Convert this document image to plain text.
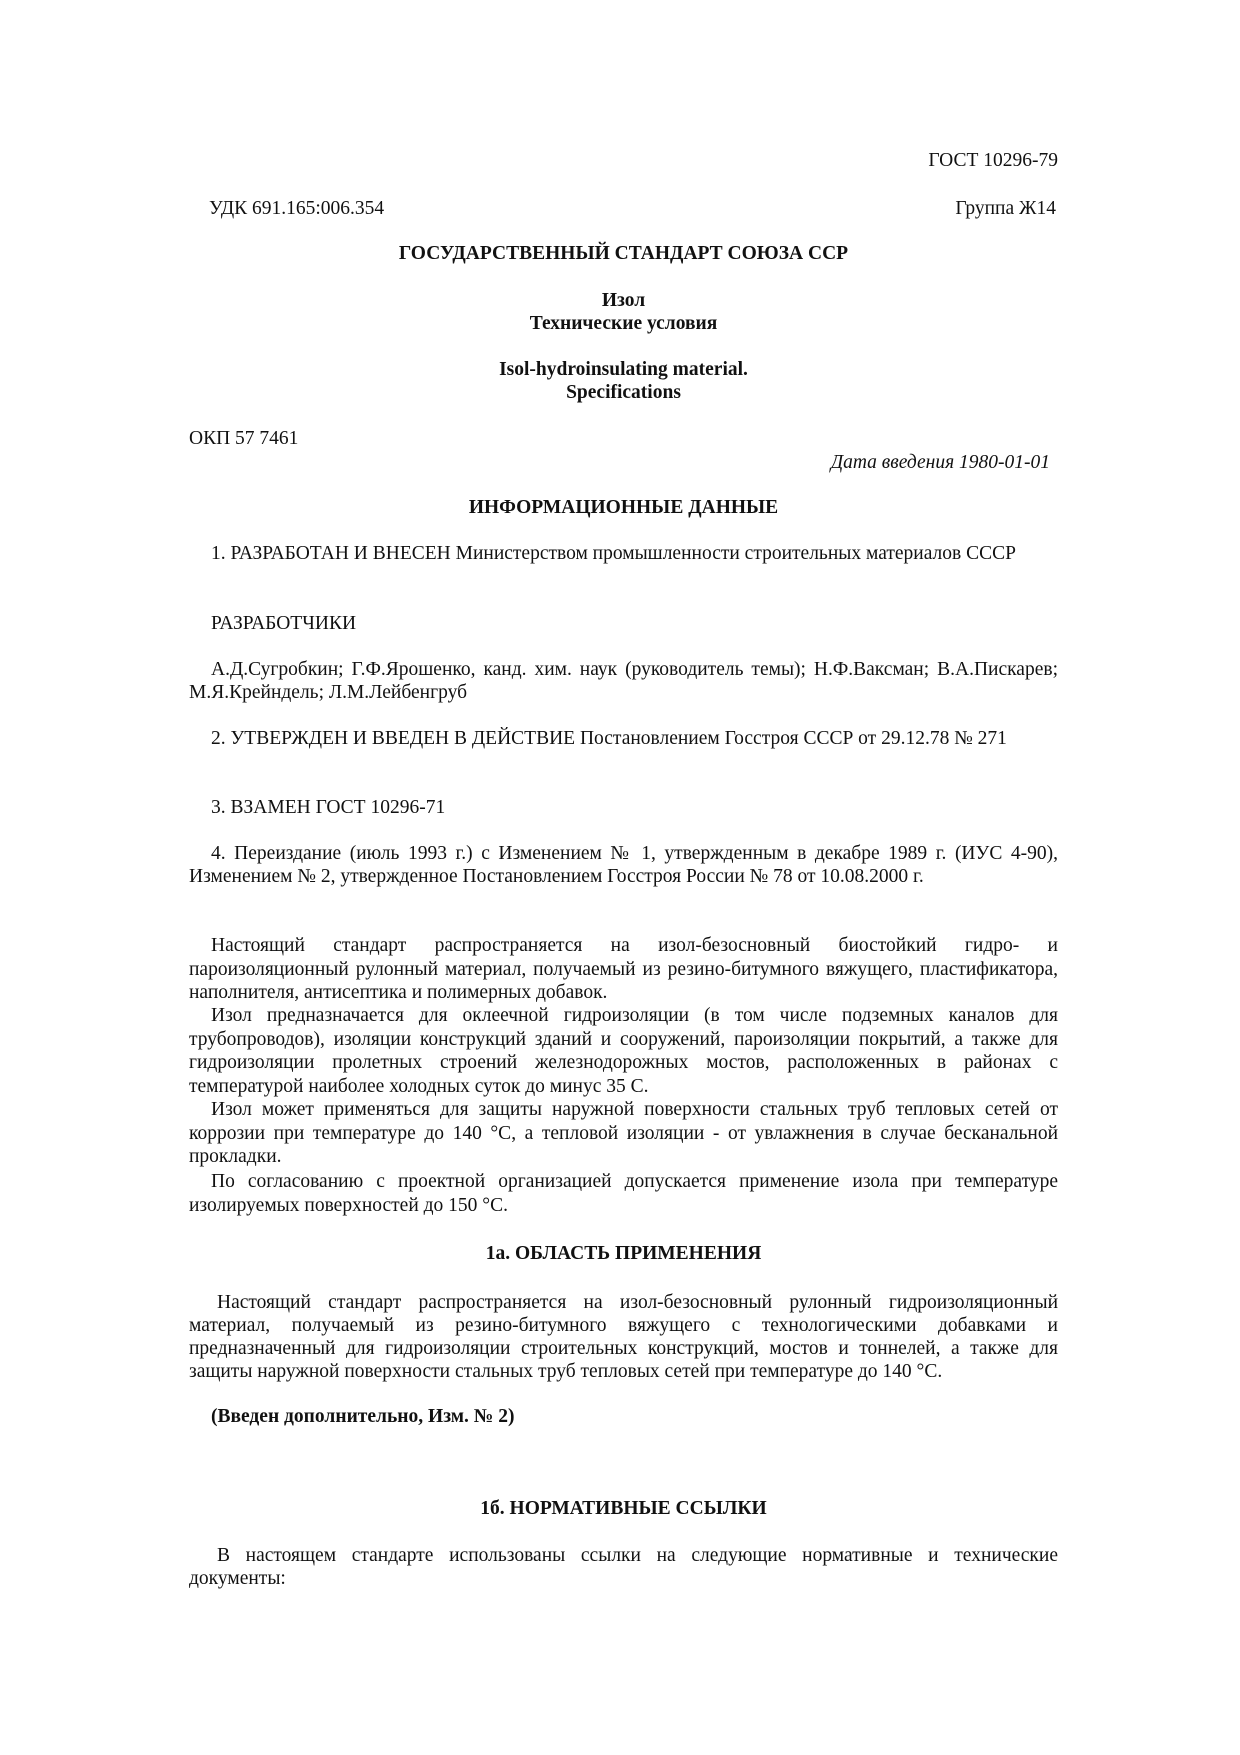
ГОСТ 10296-79
УДК 691.165:006.354	Группа Ж14
ГОСУДАРСТВЕННЫЙ СТАНДАРТ СОЮЗА ССР
Изол
Технические условия
Isol-hydroinsulating material.
Specifications
ОКП 57 7461
Дата введения 1980-01-01
ИНФОРМАЦИОННЫЕ ДАННЫЕ
1. РАЗРАБОТАН И ВНЕСЕН Министерством промышленности строительных материалов СССР
РАЗРАБОТЧИКИ
А.Д.Сугробкин; Г.Ф.Ярошенко, канд. хим. наук (руководитель темы); Н.Ф.Ваксман; В.А.Пискарев; М.Я.Крейндель; Л.М.Лейбенгруб
2. УТВЕРЖДЕН И ВВЕДЕН В ДЕЙСТВИЕ Постановлением Госстроя СССР от 29.12.78 № 271
3. ВЗАМЕН ГОСТ 10296-71
4. Переиздание (июль 1993 г.) с Изменением № 1, утвержденным в декабре 1989 г. (ИУС 4-90), Изменением № 2, утвержденное Постановлением Госстроя России № 78 от 10.08.2000 г.
Настоящий стандарт распространяется на изол-безосновный биостойкий гидро- и пароизоляционный рулонный материал, получаемый из резино-битумного вяжущего, пластификатора, наполнителя, антисептика и полимерных добавок.
Изол предназначается для оклеечной гидроизоляции (в том числе подземных каналов для трубопроводов), изоляции конструкций зданий и сооружений, пароизоляции покрытий, а также для гидроизоляции пролетных строений железнодорожных мостов, расположенных в районах с температурой наиболее холодных суток до минус 35 С.
Изол может применяться для защиты наружной поверхности стальных труб тепловых сетей от коррозии при температуре до 140 °С, а тепловой изоляции - от увлажнения в случае бесканальной прокладки.
По согласованию с проектной организацией допускается применение изола при температуре изолируемых поверхностей до 150 °С.
1а. ОБЛАСТЬ ПРИМЕНЕНИЯ
Настоящий стандарт распространяется на изол-безосновный рулонный гидроизоляционный материал, получаемый из резино-битумного вяжущего с технологическими добавками и предназначенный для гидроизоляции строительных конструкций, мостов и тоннелей, а также для защиты наружной поверхности стальных труб тепловых сетей при температуре до 140 °С.
(Введен дополнительно, Изм. № 2)
1б. НОРМАТИВНЫЕ ССЫЛКИ
В настоящем стандарте использованы ссылки на следующие нормативные и технические документы:
